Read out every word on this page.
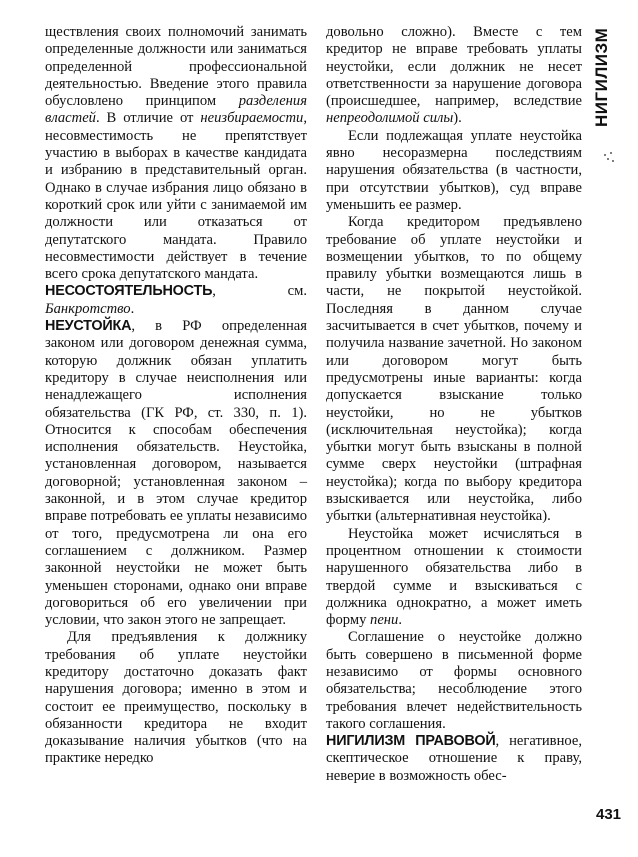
ществления своих полномочий занимать определенные должности или заниматься определенной профессиональной деятельностью. Введение этого правила обусловлено принципом разделения властей. В отличие от неизбираемости, несовместимость не препятствует участию в выборах в качестве кандидата и избранию в представительный орган. Однако в случае избрания лицо обязано в короткий срок или уйти с занимаемой им должности или отказаться от депутатского мандата. Правило несовместимости действует в течение всего срока депутатского мандата.

НЕСОСТОЯТЕЛЬНОСТЬ, см. Банкротство.

НЕУСТОЙКА, в РФ определенная законом или договором денежная сумма, которую должник обязан уплатить кредитору в случае неисполнения или ненадлежащего исполнения обязательства (ГК РФ, ст. 330, п. 1). Относится к способам обеспечения исполнения обязательств. Неустойка, установленная договором, называется договорной; установленная законом – законной, и в этом случае кредитор вправе потребовать ее уплаты независимо от того, предусмотрена ли она его соглашением с должником. Размер законной неустойки не может быть уменьшен сторонами, однако они вправе договориться об его увеличении при условии, что закон этого не запрещает.

Для предъявления к должнику требования об уплате неустойки кредитору достаточно доказать факт нарушения договора; именно в этом и состоит ее преимущество, поскольку в обязанности кредитора не входит доказывание наличия убытков (что на практике нередко

довольно сложно). Вместе с тем кредитор не вправе требовать уплаты неустойки, если должник не несет ответственности за нарушение договора (происшедшее, например, вследствие непреодолимой силы).

Если подлежащая уплате неустойка явно несоразмерна последствиям нарушения обязательства (в частности, при отсутствии убытков), суд вправе уменьшить ее размер.

Когда кредитором предъявлено требование об уплате неустойки и возмещении убытков, то по общему правилу убытки возмещаются лишь в части, не покрытой неустойкой. Последняя в данном случае засчитывается в счет убытков, почему и получила название зачетной. Но законом или договором могут быть предусмотрены иные варианты: когда допускается взыскание только неустойки, но не убытков (исключительная неустойка); когда убытки могут быть взысканы в полной сумме сверх неустойки (штрафная неустойка); когда по выбору кредитора взыскивается или неустойка, либо убытки (альтернативная неустойка).

Неустойка может исчисляться в процентном отношении к стоимости нарушенного обязательства либо в твердой сумме и взыскиваться с должника однократно, а может иметь форму пени.

Соглашение о неустойке должно быть совершено в письменной форме независимо от формы основного обязательства; несоблюдение этого требования влечет недействительность такого соглашения.

НИГИЛИЗМ ПРАВОВОЙ, негативное, скептическое отношение к праву, неверие в возможность обес-

НИГИЛИЗМ
431
